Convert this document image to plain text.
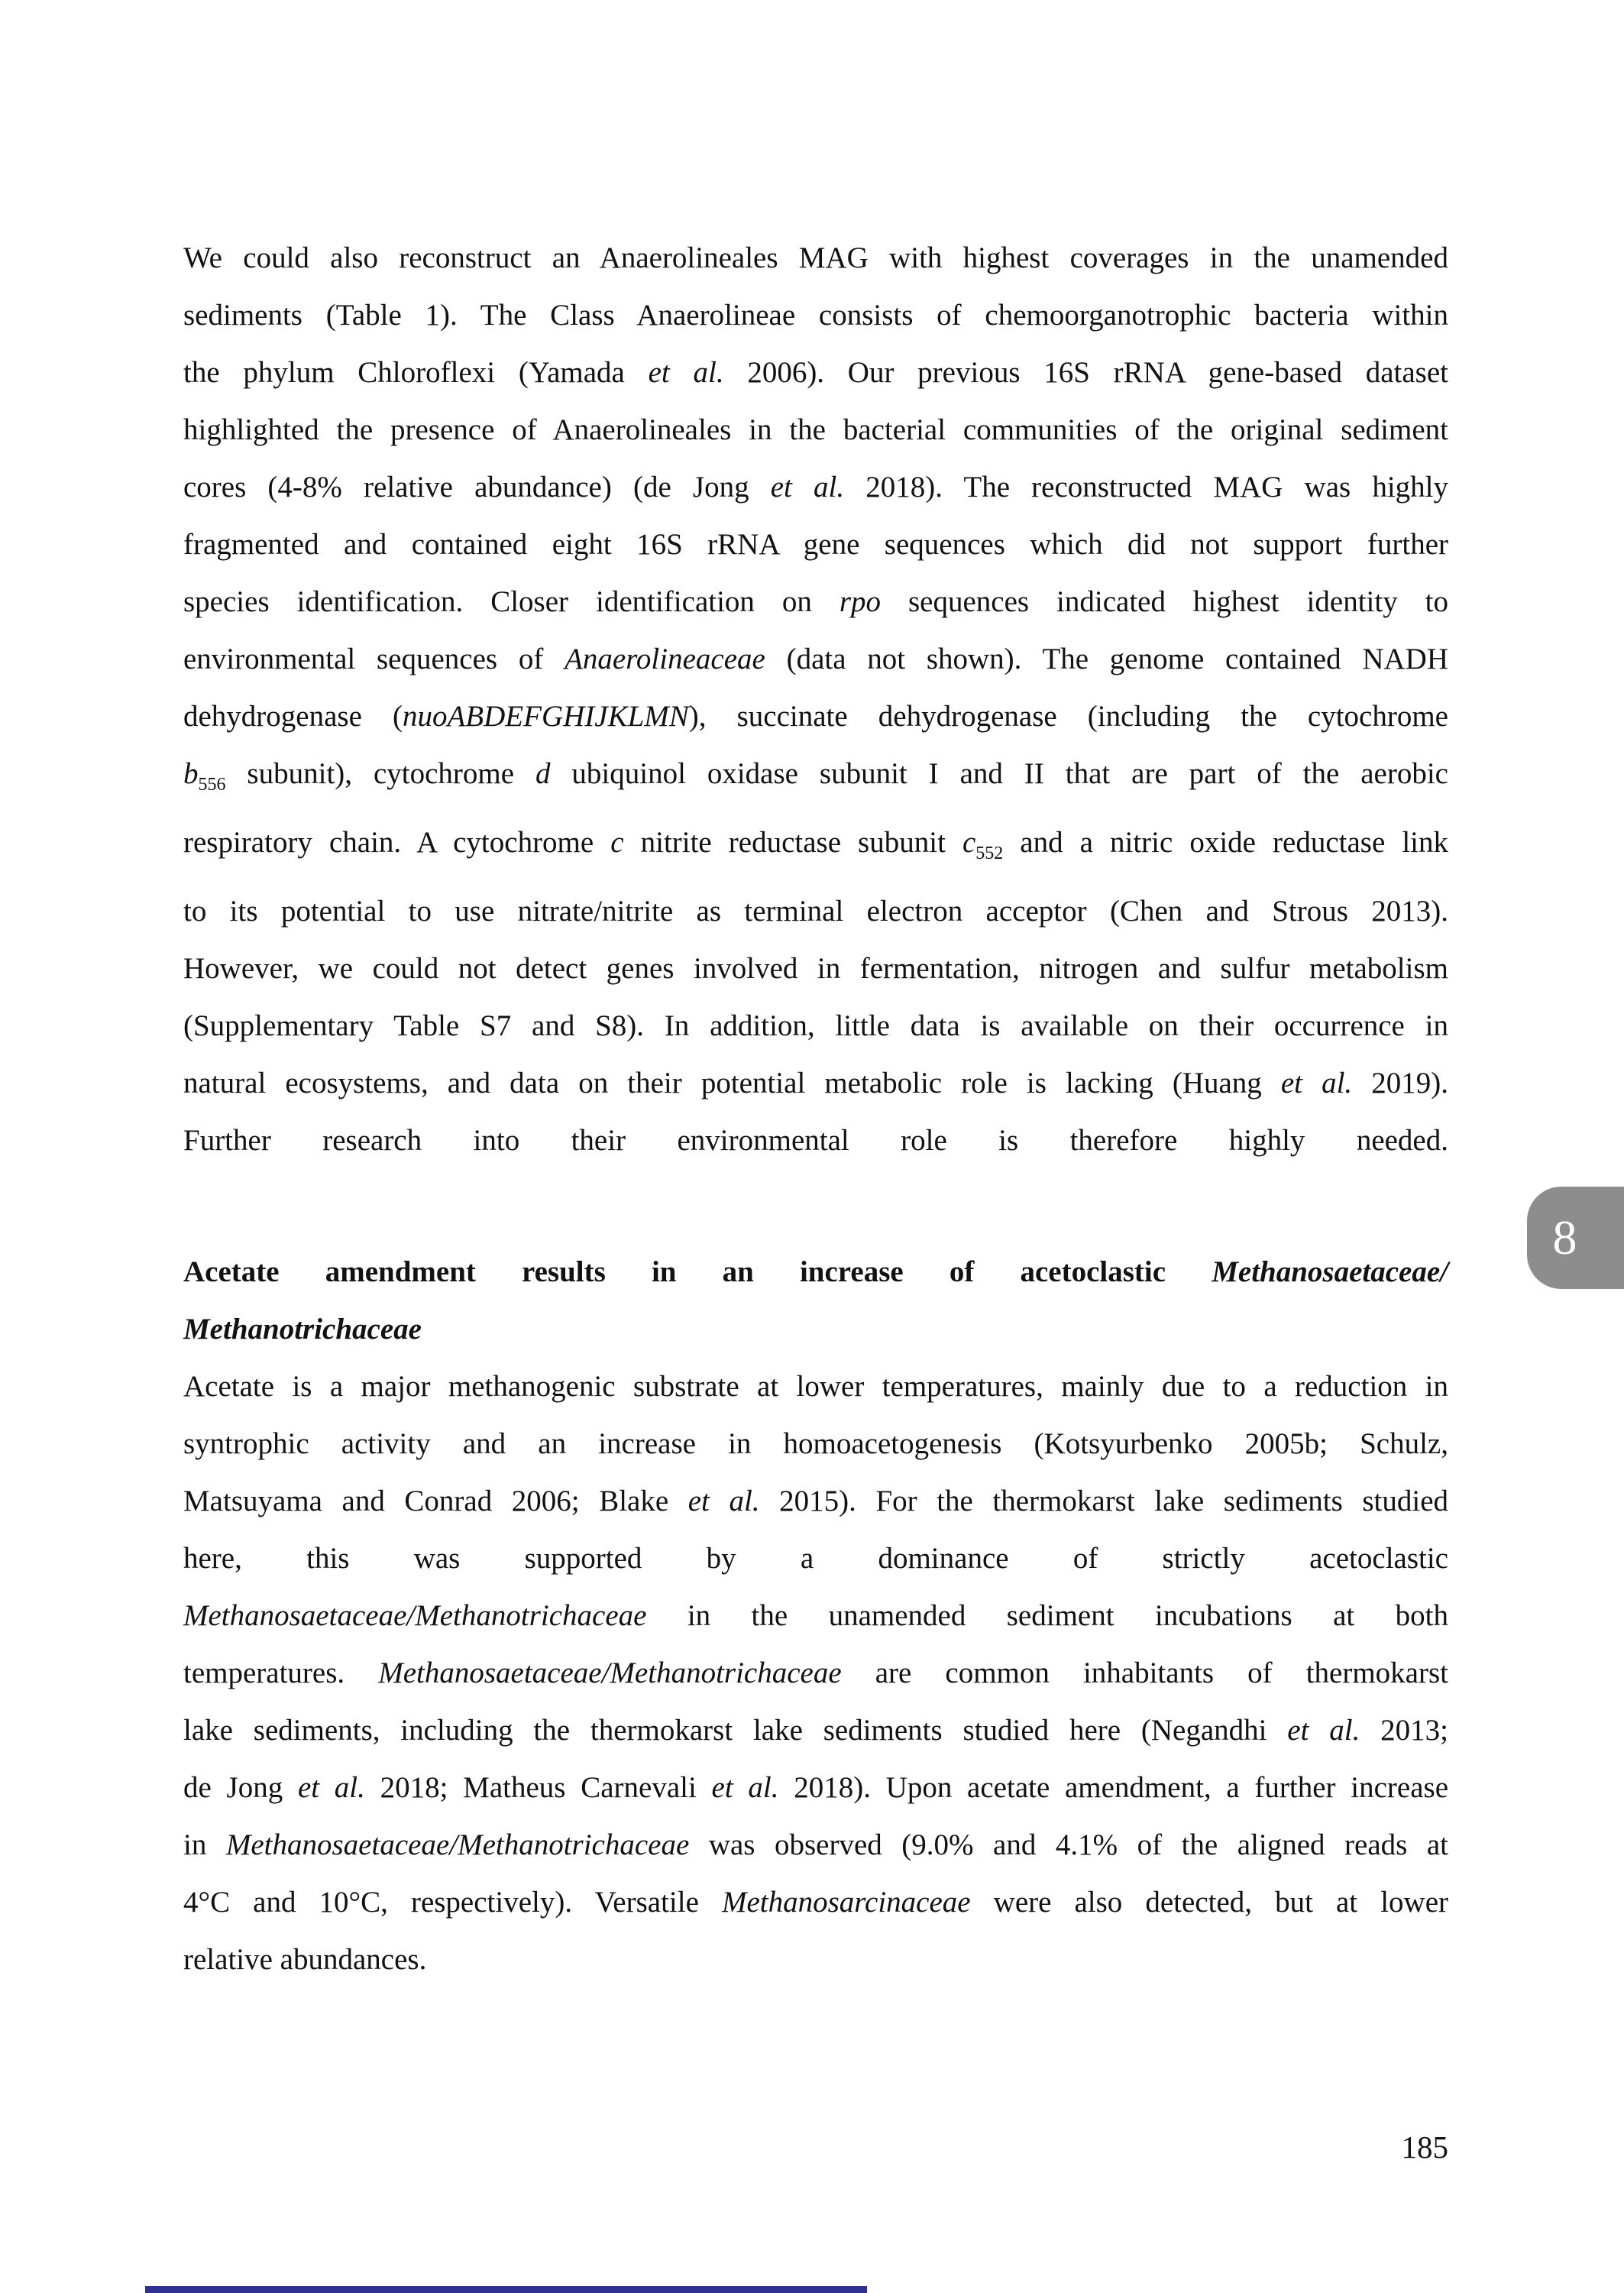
We could also reconstruct an Anaerolineales MAG with highest coverages in the unamended
sediments (Table 1). The Class Anaerolineae consists of chemoorganotrophic bacteria within
the phylum Chloroflexi (Yamada et al. 2006). Our previous 16S rRNA gene-based dataset
highlighted the presence of Anaerolineales in the bacterial communities of the original sediment
cores (4-8% relative abundance) (de Jong et al. 2018). The reconstructed MAG was highly
fragmented and contained eight 16S rRNA gene sequences which did not support further
species identification. Closer identification on rpo sequences indicated highest identity to
environmental sequences of Anaerolineaceae (data not shown). The genome contained NADH
dehydrogenase (nuoABDEFGHIJKLMN), succinate dehydrogenase (including the cytochrome
$b_{556}$ subunit), cytochrome d ubiquinol oxidase subunit I and II that are part of the aerobic
respiratory chain. A cytochrome c nitrite reductase subunit $c_{552}$ and a nitric oxide reductase link
to its potential to use nitrate/nitrite as terminal electron acceptor (Chen and Strous 2013).
However, we could not detect genes involved in fermentation, nitrogen and sulfur metabolism
(Supplementary Table S7 and S8). In addition, little data is available on their occurrence in
natural ecosystems, and data on their potential metabolic role is lacking (Huang et al. 2019).
Further research into their environmental role is therefore highly needed.
Acetate amendment results in an increase of acetoclastic Methanosaetaceae/
Methanotrichaceae
Acetate is a major methanogenic substrate at lower temperatures, mainly due to a reduction in
syntrophic activity and an increase in homoacetogenesis (Kotsyurbenko 2005b; Schulz,
Matsuyama and Conrad 2006; Blake et al. 2015). For the thermokarst lake sediments studied
here, this was supported by a dominance of strictly acetoclastic
Methanosaetaceae/Methanotrichaceae in the unamended sediment incubations at both
temperatures. Methanosaetaceae/Methanotrichaceae are common inhabitants of thermokarst
lake sediments, including the thermokarst lake sediments studied here (Negandhi et al. 2013;
de Jong et al. 2018; Matheus Carnevali et al. 2018). Upon acetate amendment, a further increase
in Methanosaetaceae/Methanotrichaceae was observed (9.0% and 4.1% of the aligned reads at
4°C and 10°C, respectively). Versatile Methanosarcinaceae were also detected, but at lower
relative abundances.
8
185
